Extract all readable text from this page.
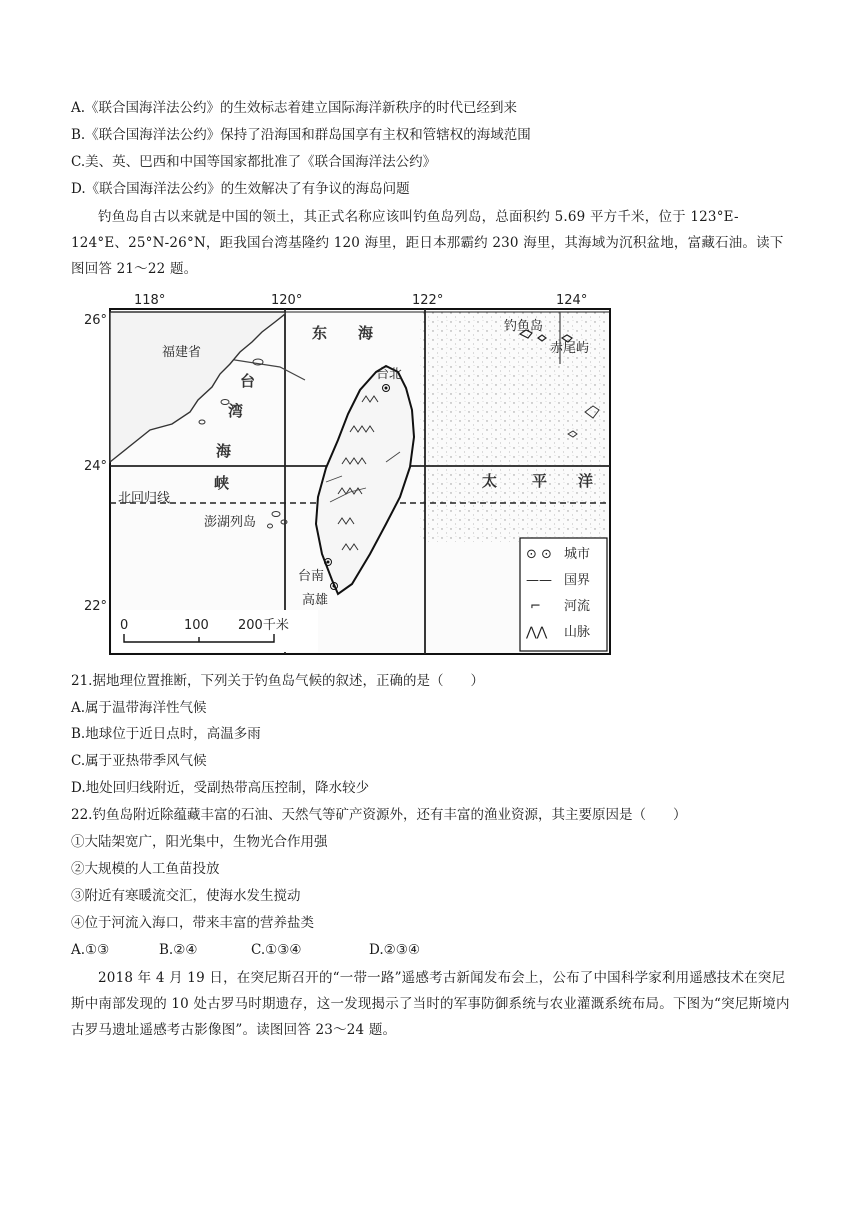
A.《联合国海洋法公约》的生效标志着建立国际海洋新秩序的时代已经到来
B.《联合国海洋法公约》保持了沿海国和群岛国享有主权和管辖权的海域范围
C.美、英、巴西和中国等国家都批准了《联合国海洋法公约》
D.《联合国海洋法公约》的生效解决了有争议的海岛问题
钓鱼岛自古以来就是中国的领土，其正式名称应该叫钓鱼岛列岛，总面积约 5.69 平方千米，位于 123°E-124°E、25°N-26°N，距我国台湾基隆约 120 海里，距日本那霸约 230 海里，其海域为沉积盆地，富藏石油。读下图回答 21～22 题。
118°	120°	122°	124°
26°
24°
22°
福建省
台北
台南
高雄
钓鱼岛
赤尾屿
东 海
台
湾
海
峡	太 平 洋
北回归线
澎湖列岛
⊙ ⊙ 城市
—— 国界
⌐ 河流
⋀⋀ 山脉
0	100 200千米
21.据地理位置推断，下列关于钓鱼岛气候的叙述，正确的是（　　）
A.属于温带海洋性气候
B.地球位于近日点时，高温多雨
C.属于亚热带季风气候
D.地处回归线附近，受副热带高压控制，降水较少
22.钓鱼岛附近除蕴藏丰富的石油、天然气等矿产资源外，还有丰富的渔业资源，其主要原因是（　　）
①大陆架宽广，阳光集中，生物光合作用强
②大规模的人工鱼苗投放
③附近有寒暖流交汇，使海水发生搅动
④位于河流入海口，带来丰富的营养盐类
A.①③	B.②④	C.①③④	D.②③④
2018 年 4 月 19 日，在突尼斯召开的“一带一路”遥感考古新闻发布会上，公布了中国科学家利用遥感技术在突尼斯中南部发现的 10 处古罗马时期遗存，这一发现揭示了当时的军事防御系统与农业灌溉系统布局。下图为“突尼斯境内古罗马遗址遥感考古影像图”。读图回答 23～24 题。
